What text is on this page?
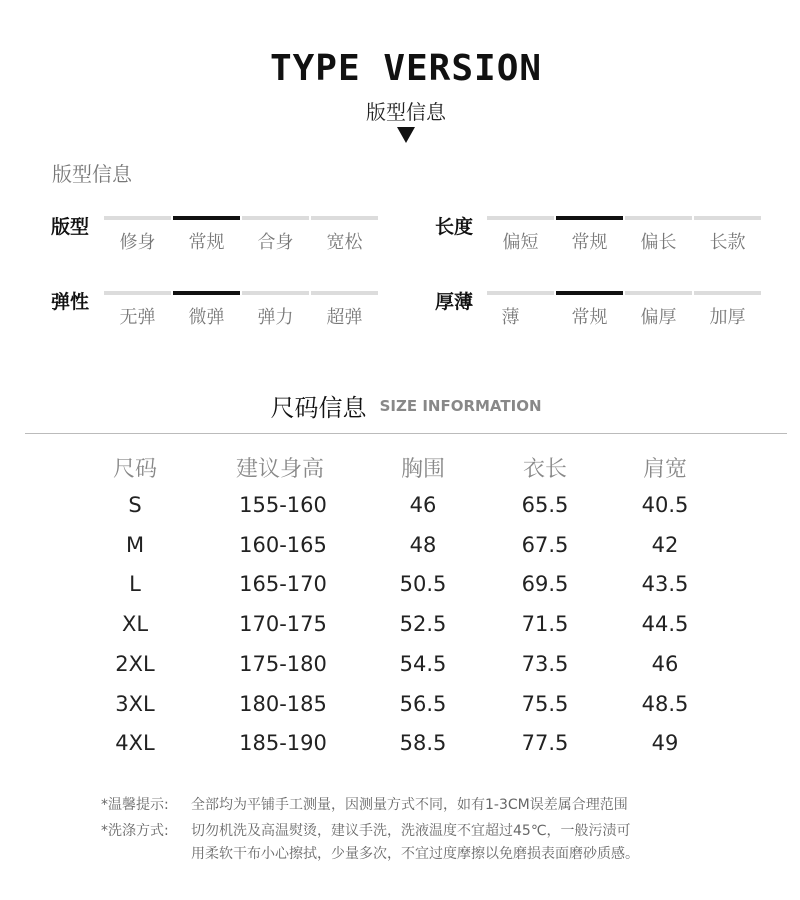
TYPE VERSION
版型信息
版型信息
版型
修身	常规	合身	宽松
长度
偏短	常规	偏长	长款
弹性
无弹	微弹	弹力	超弹
厚薄
薄	常规	偏厚	加厚
尺码信息 SIZE INFORMATION
尺码	建议身高	胸围	衣长	肩宽
S	155-160	46	65.5	40.5
M	160-165	48	67.5	42
L	165-170	50.5	69.5	43.5
XL	170-175	52.5	71.5	44.5
2XL	175-180	54.5	73.5	46
3XL	180-185	56.5	75.5	48.5
4XL	185-190	58.5	77.5	49
*温馨提示: 全部均为平铺手工测量，因测量方式不同，如有1-3CM误差属合理范围
*洗涤方式: 切勿机洗及高温熨烫，建议手洗，洗液温度不宜超过45℃，一般污渍可
用柔软干布小心擦拭，少量多次，不宜过度摩擦以免磨损表面磨砂质感。
